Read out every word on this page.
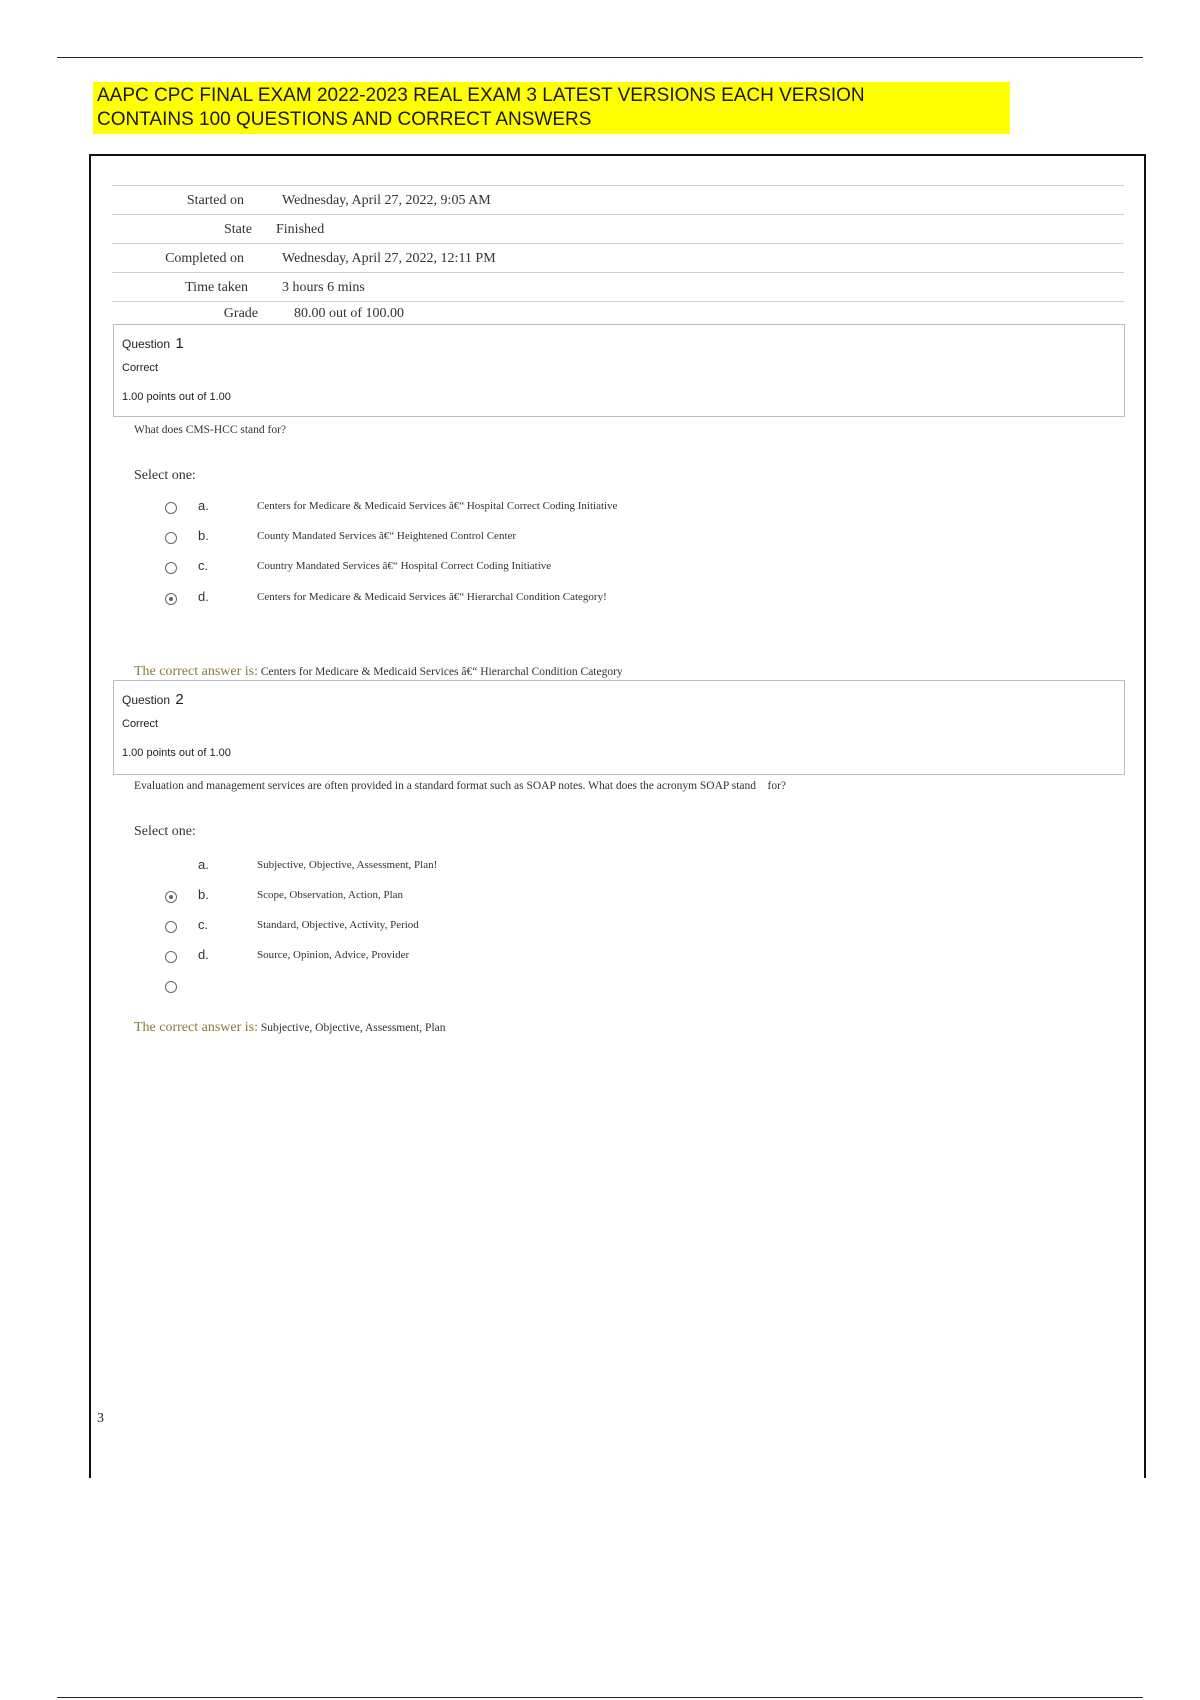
AAPC CPC FINAL EXAM 2022-2023 REAL EXAM 3 LATEST VERSIONS EACH VERSION
CONTAINS 100 QUESTIONS AND CORRECT ANSWERS
Started on	Wednesday, April 27, 2022, 9:05 AM
State Finished
Completed on	Wednesday, April 27, 2022, 12:11 PM
Time taken 3 hours 6 mins
Grade	80.00 out of 100.00
Question 1
Correct
1.00 points out of 1.00
What does CMS-HCC stand for?
Select one:
a.	Centers for Medicare & Medicaid Services â€“ Hospital Correct Coding Initiative
b.	County Mandated Services â€“ Heightened Control Center
c.	Country Mandated Services â€“ Hospital Correct Coding Initiative
d.	Centers for Medicare & Medicaid Services â€“ Hierarchal Condition Category!
The correct answer is: Centers for Medicare & Medicaid Services â€“ Hierarchal Condition Category
Question 2
Correct
1.00 points out of 1.00
Evaluation and management services are often provided in a standard format such as SOAP notes. What does the acronym SOAP stand    for?
Select one:
a.	Subjective, Objective, Assessment, Plan!
b.	Scope, Observation, Action, Plan
c.	Standard, Objective, Activity, Period
d.	Source, Opinion, Advice, Provider
The correct answer is: Subjective, Objective, Assessment, Plan
3
